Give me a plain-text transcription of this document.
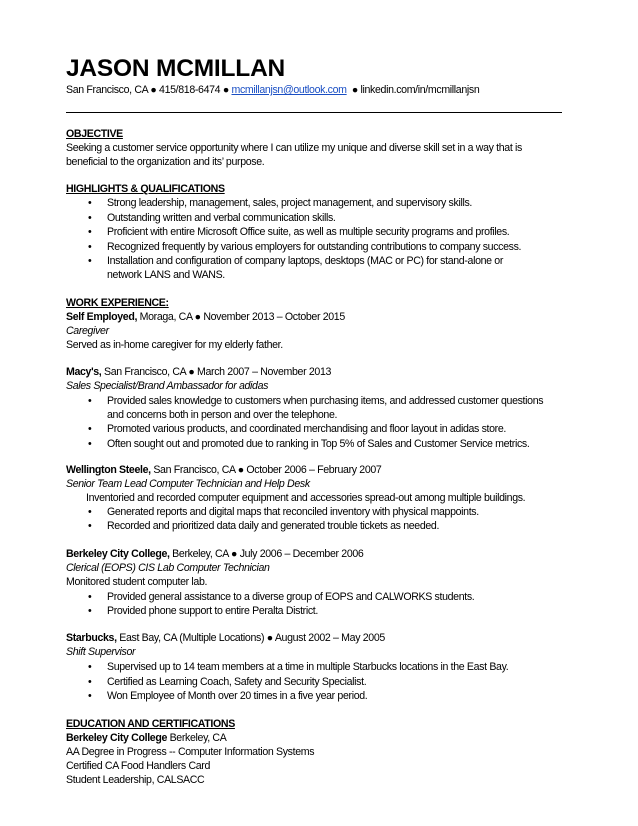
JASON MCMILLAN
San Francisco, CA ● 415/818-6474 ● mcmillanjsn@outlook.com ● linkedin.com/in/mcmillanjsn
OBJECTIVE
Seeking a customer service opportunity where I can utilize my unique and diverse skill set in a way that is
beneficial to the organization and its’ purpose.
HIGHLIGHTS & QUALIFICATIONS
• Strong leadership, management, sales, project management, and supervisory skills.
• Outstanding written and verbal communication skills.
• Proficient with entire Microsoft Office suite, as well as multiple security programs and profiles.
• Recognized frequently by various employers for outstanding contributions to company success.
• Installation and configuration of company laptops, desktops (MAC or PC) for stand-alone or
network LANS and WANS.
WORK EXPERIENCE:
Self Employed, Moraga, CA ● November 2013 – October 2015
Caregiver
Served as in-home caregiver for my elderly father.
Macy's, San Francisco, CA ● March 2007 – November 2013
Sales Specialist/Brand Ambassador for adidas
• Provided sales knowledge to customers when purchasing items, and addressed customer questions
and concerns both in person and over the telephone.
• Promoted various products, and coordinated merchandising and floor layout in adidas store.
• Often sought out and promoted due to ranking in Top 5% of Sales and Customer Service metrics.
Wellington Steele, San Francisco, CA ● October 2006 – February 2007
Senior Team Lead Computer Technician and Help Desk
Inventoried and recorded computer equipment and accessories spread-out among multiple buildings.
• Generated reports and digital maps that reconciled inventory with physical mappoints.
• Recorded and prioritized data daily and generated trouble tickets as needed.
Berkeley City College, Berkeley, CA ● July 2006 – December 2006
Clerical (EOPS) CIS Lab Computer Technician
Monitored student computer lab.
• Provided general assistance to a diverse group of EOPS and CALWORKS students.
• Provided phone support to entire Peralta District.
Starbucks, East Bay, CA (Multiple Locations) ● August 2002 – May 2005
Shift Supervisor
• Supervised up to 14 team members at a time in multiple Starbucks locations in the East Bay.
• Certified as Learning Coach, Safety and Security Specialist.
• Won Employee of Month over 20 times in a five year period.
EDUCATION AND CERTIFICATIONS
Berkeley City College Berkeley, CA
AA Degree in Progress -- Computer Information Systems
Certified CA Food Handlers Card
Student Leadership, CALSACC
